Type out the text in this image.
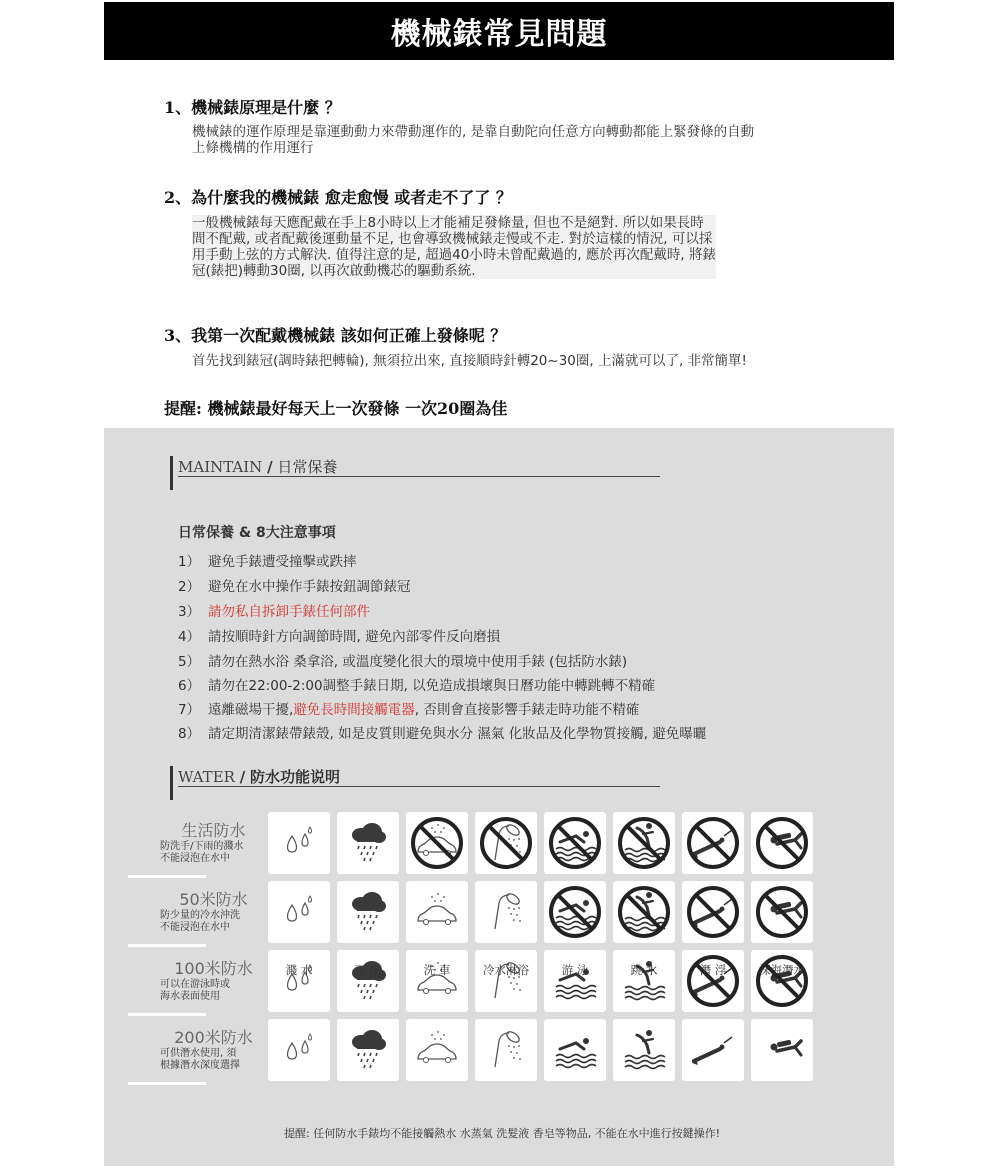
機械錶常見問題
1、機械錶原理是什麼 ？
機械錶的運作原理是靠運動動力來帶動運作的, 是靠自動陀向任意方向轉動都能上緊發條的自動
上條機構的作用運行
2、為什麼我的機械錶 愈走愈慢 或者走不了了 ？
一般機械錶每天應配戴在手上8小時以上才能補足發條量, 但也不是絕對. 所以如果長時
間不配戴, 或者配戴後運動量不足, 也會導致機械錶走慢或不走. 對於這樣的情況, 可以採
用手動上弦的方式解決. 值得注意的是, 超過40小時未曾配戴過的, 應於再次配戴時, 將錶
冠(錶把)轉動30圈, 以再次啟動機芯的驅動系統.
3、我第一次配戴機械錶 該如何正確上發條呢 ？
首先找到錶冠(調時錶把轉輪), 無須拉出來, 直接順時針轉20~30圈, 上滿就可以了, 非常簡單!
提醒: 機械錶最好每天上一次發條 一次20圈為佳
MAINTAIN / 日常保養
日常保養 & 8大注意事項
1） 避免手錶遭受撞擊或跌摔
2） 避免在水中操作手錶按鈕調節錶冠
3） 請勿私自拆卸手錶任何部件
4） 請按順時針方向調節時間, 避免內部零件反向磨損
5） 請勿在熱水浴 桑拿浴, 或溫度變化很大的環境中使用手錶 (包括防水錶)
6） 請勿在22:00-2:00調整手錶日期, 以免造成損壞與日曆功能中轉跳轉不精確
7） 遠離磁場干擾,避免長時間接觸電器, 否則會直接影響手錶走時功能不精確
8） 請定期清潔錶帶錶殼, 如是皮質則避免與水分 濕氣 化妝品及化學物質接觸, 避免曝曬
WATER / 防水功能说明
生活防水
防洗手/下雨的濺水
不能浸泡在水中
50米防水
防少量的冷水沖洗
不能浸泡在水中
100米防水
可以在游泳時或
海水表面使用
200米防水
可供潛水使用, 須
根據潛水深度選擇
濺 水	下 雨	洗 車	冷水淋浴	游 泳	跳 水	潛 浮	深海潛水
提醒: 任何防水手錶均不能接觸熱水 水蒸氣 洗髮液 香皂等物品, 不能在水中進行按鍵操作!
